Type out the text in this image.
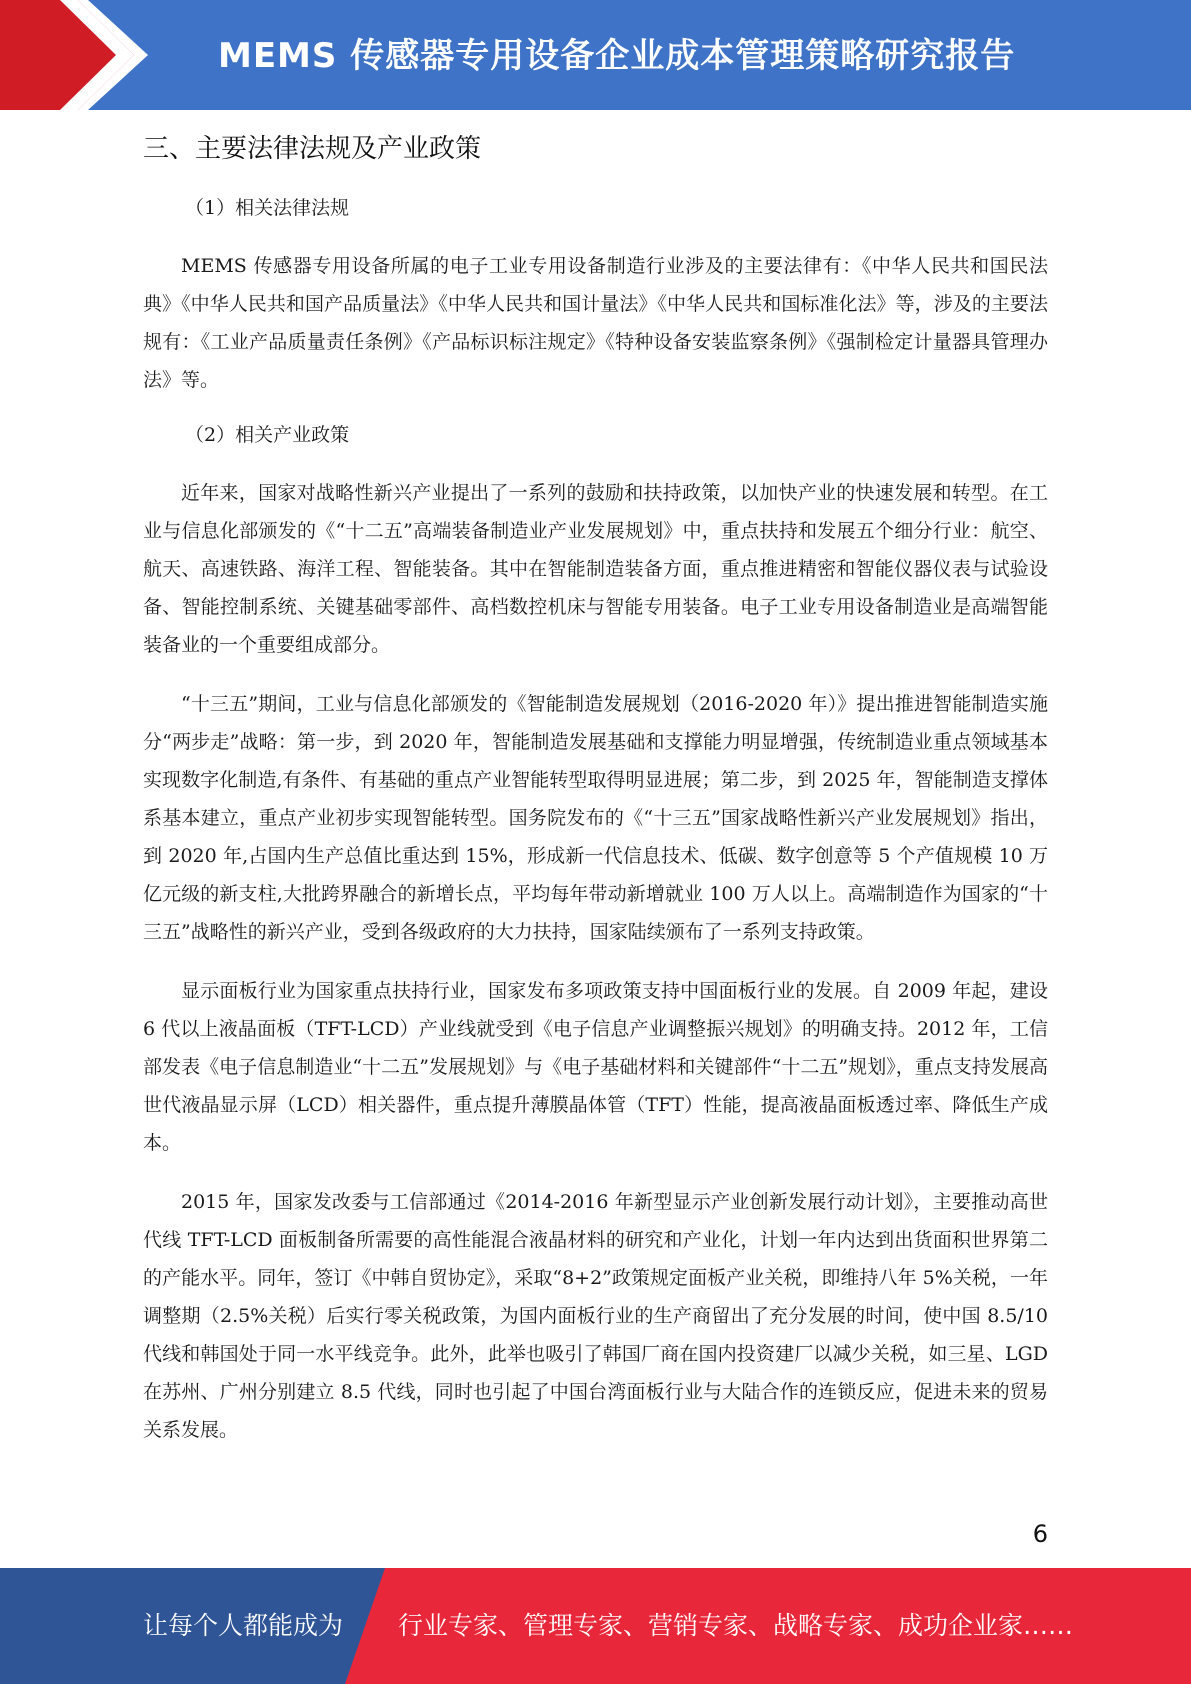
MEMS 传感器专用设备企业成本管理策略研究报告
三、主要法律法规及产业政策

（1）相关法律法规

MEMS 传感器专用设备所属的电子工业专用设备制造行业涉及的主要法律有：《中华人民共和国民法典》《中华人民共和国产品质量法》《中华人民共和国计量法》《中华人民共和国标准化法》等，涉及的主要法规有：《工业产品质量责任条例》《产品标识标注规定》《特种设备安装监察条例》《强制检定计量器具管理办法》等。

（2）相关产业政策

近年来，国家对战略性新兴产业提出了一系列的鼓励和扶持政策，以加快产业的快速发展和转型。在工业与信息化部颁发的《“十二五”高端装备制造业产业发展规划》中，重点扶持和发展五个细分行业：航空、航天、高速铁路、海洋工程、智能装备。其中在智能制造装备方面，重点推进精密和智能仪器仪表与试验设备、智能控制系统、关键基础零部件、高档数控机床与智能专用装备。电子工业专用设备制造业是高端智能装备业的一个重要组成部分。

“十三五”期间，工业与信息化部颁发的《智能制造发展规划（2016-2020 年）》提出推进智能制造实施分“两步走”战略：第一步，到 2020 年，智能制造发展基础和支撑能力明显增强，传统制造业重点领域基本实现数字化制造,有条件、有基础的重点产业智能转型取得明显进展；第二步，到 2025 年，智能制造支撑体系基本建立，重点产业初步实现智能转型。国务院发布的《“十三五”国家战略性新兴产业发展规划》指出，到 2020 年,占国内生产总值比重达到 15%，形成新一代信息技术、低碳、数字创意等 5 个产值规模 10 万亿元级的新支柱,大批跨界融合的新增长点，平均每年带动新增就业 100 万人以上。高端制造作为国家的“十三五”战略性的新兴产业，受到各级政府的大力扶持，国家陆续颁布了一系列支持政策。

显示面板行业为国家重点扶持行业，国家发布多项政策支持中国面板行业的发展。自 2009 年起，建设 6 代以上液晶面板（TFT-LCD）产业线就受到《电子信息产业调整振兴规划》的明确支持。2012 年，工信部发表《电子信息制造业“十二五”发展规划》与《电子基础材料和关键部件“十二五”规划》，重点支持发展高世代液晶显示屏（LCD）相关器件，重点提升薄膜晶体管（TFT）性能，提高液晶面板透过率、降低生产成本。

2015 年，国家发改委与工信部通过《2014-2016 年新型显示产业创新发展行动计划》，主要推动高世代线 TFT-LCD 面板制备所需要的高性能混合液晶材料的研究和产业化，计划一年内达到出货面积世界第二的产能水平。同年，签订《中韩自贸协定》，采取“8+2”政策规定面板产业关税，即维持八年 5%关税，一年调整期（2.5%关税）后实行零关税政策，为国内面板行业的生产商留出了充分发展的时间，使中国 8.5/10 代线和韩国处于同一水平线竞争。此外，此举也吸引了韩国厂商在国内投资建厂以减少关税，如三星、LGD 在苏州、广州分别建立 8.5 代线，同时也引起了中国台湾面板行业与大陆合作的连锁反应，促进未来的贸易关系发展。

6
让每个人都能成为 行业专家、管理专家、营销专家、战略专家、成功企业家……
